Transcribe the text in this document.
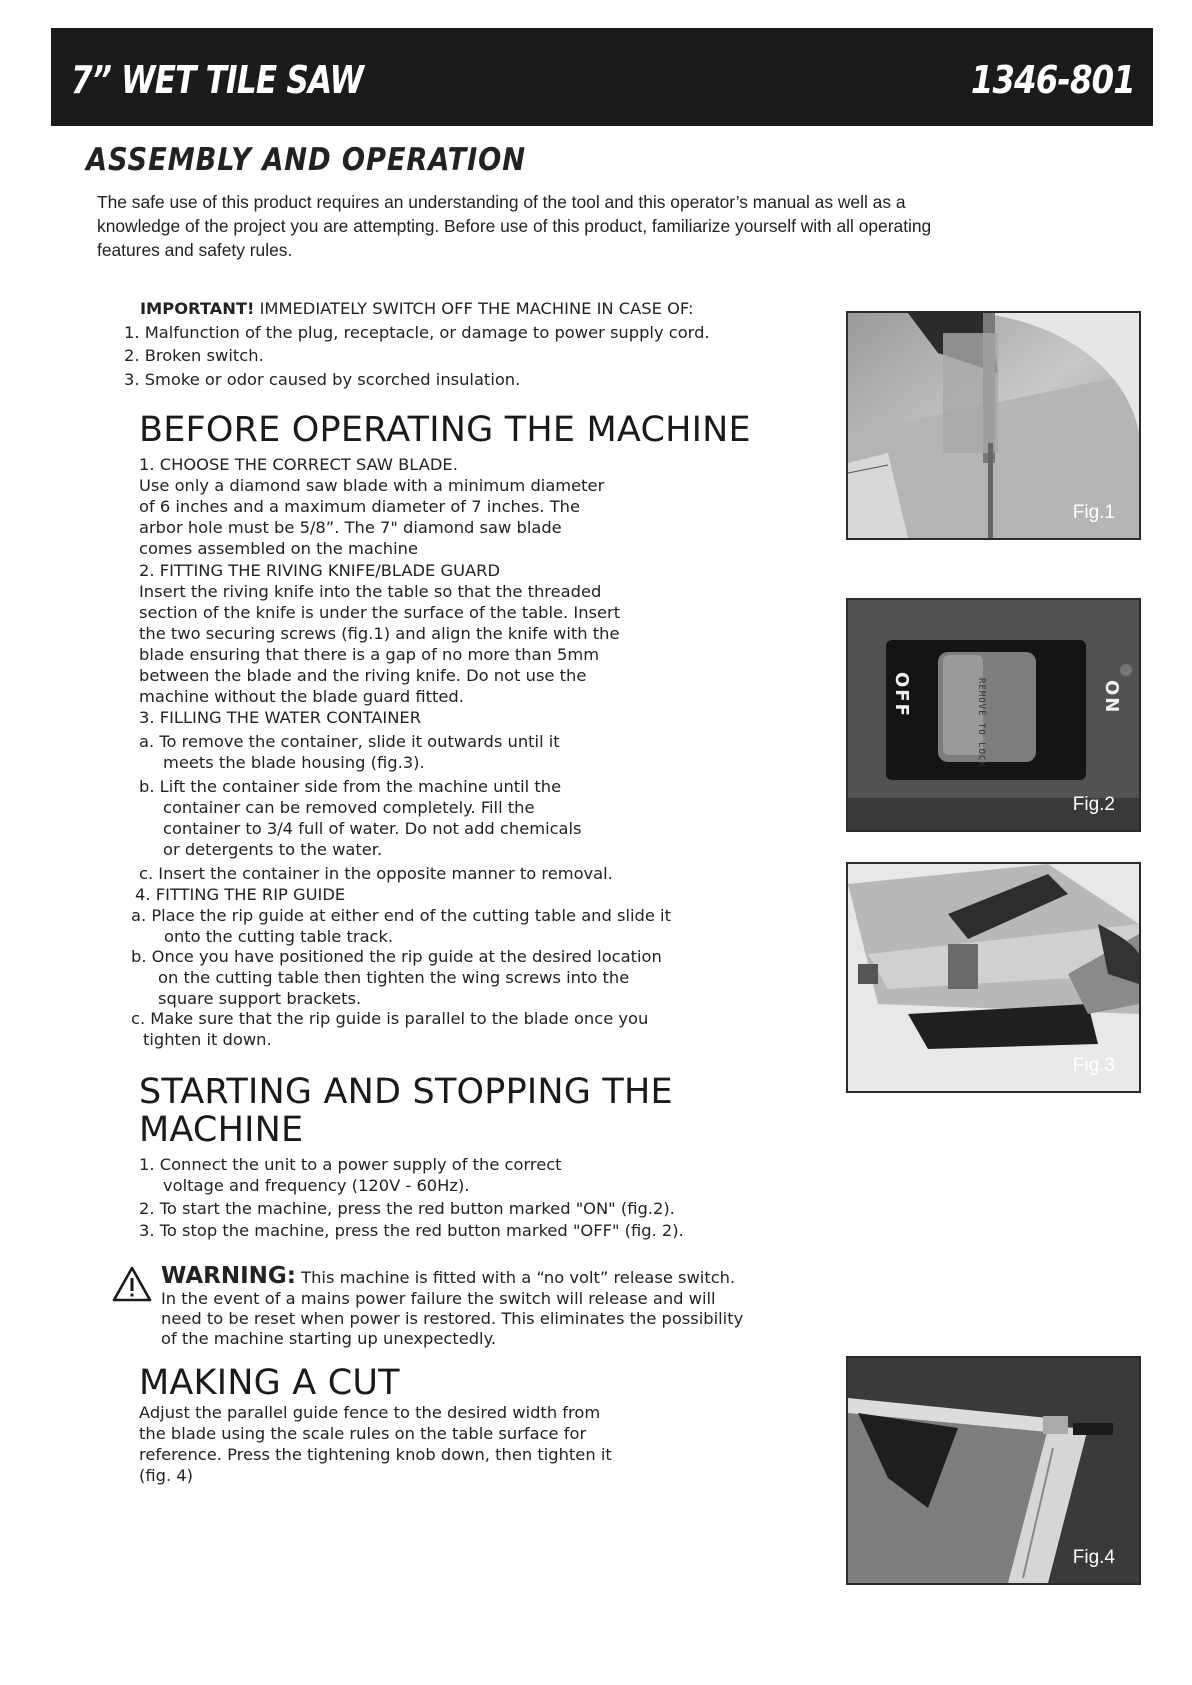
7” WET TILE SAW	1346-801
ASSEMBLY AND OPERATION
The safe use of this product requires an understanding of the tool and this operator’s manual as well as a
knowledge of the project you are attempting. Before use of this product, familiarize yourself with all operating
features and safety rules.
IMPORTANT! IMMEDIATELY SWITCH OFF THE MACHINE IN CASE OF:
1. Malfunction of the plug, receptacle, or damage to power supply cord.
2. Broken switch.
3. Smoke or odor caused by scorched insulation.
BEFORE OPERATING THE MACHINE
1. CHOOSE THE CORRECT SAW BLADE.
Use only a diamond saw blade with a minimum diameter
of 6 inches and a maximum diameter of 7 inches. The
arbor hole must be 5/8”. The 7" diamond saw blade
comes assembled on the machine
2. FITTING THE RIVING KNIFE/BLADE GUARD
Insert the riving knife into the table so that the threaded
section of the knife is under the surface of the table. Insert
the two securing screws (fig.1) and align the knife with the
blade ensuring that there is a gap of no more than 5mm
between the blade and the riving knife. Do not use the
machine without the blade guard fitted.
3. FILLING THE WATER CONTAINER
a. To remove the container, slide it outwards until it
meets the blade housing (fig.3).
b. Lift the container side from the machine until the
container can be removed completely. Fill the
container to 3/4 full of water. Do not add chemicals
or detergents to the water.
c. Insert the container in the opposite manner to removal.
4. FITTING THE RIP GUIDE
a. Place the rip guide at either end of the cutting table and slide it
onto the cutting table track.
b. Once you have positioned the rip guide at the desired location
on the cutting table then tighten the wing screws into the
square support brackets.
c. Make sure that the rip guide is parallel to the blade once you
tighten it down.
STARTING AND STOPPING THE
MACHINE
1. Connect the unit to a power supply of the correct
voltage and frequency (120V - 60Hz).
2. To start the machine, press the red button marked "ON" (fig.2).
3. To stop the machine, press the red button marked "OFF" (fig. 2).
WARNING: This machine is fitted with a “no volt” release switch.
In the event of a mains power failure the switch will release and will
need to be reset when power is restored. This eliminates the possibility
of the machine starting up unexpectedly.
MAKING A CUT
Adjust the parallel guide fence to the desired width from
the blade using the scale rules on the table surface for
reference. Press the tightening knob down, then tighten it
(fig. 4)
Fig.1
OFF	ON
REMOVE TO LOCK
Fig.2
Fig.3
Fig.4
